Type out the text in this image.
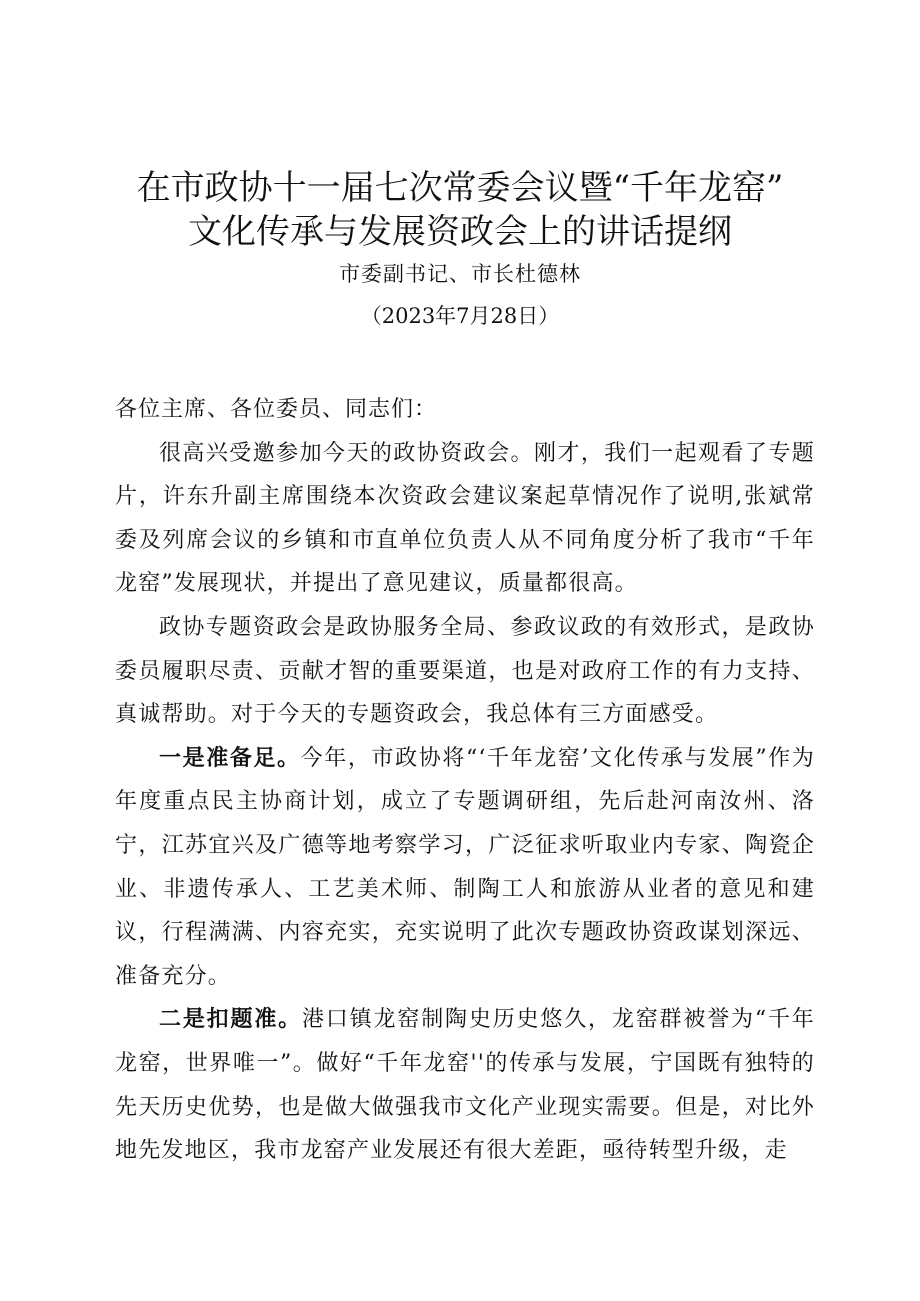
在市政协十一届七次常委会议暨“千年龙窑”
文化传承与发展资政会上的讲话提纲
市委副书记、市长杜德林
（2023年7月28日）

各位主席、各位委员、同志们：

很高兴受邀参加今天的政协资政会。刚才，我们一起观看了专题片，许东升副主席围绕本次资政会建议案起草情况作了说明,张斌常委及列席会议的乡镇和市直单位负责人从不同角度分析了我市“千年龙窑”发展现状，并提出了意见建议，质量都很高。

政协专题资政会是政协服务全局、参政议政的有效形式，是政协委员履职尽责、贡献才智的重要渠道，也是对政府工作的有力支持、真诚帮助。对于今天的专题资政会，我总体有三方面感受。

一是准备足。今年，市政协将“‘千年龙窑’文化传承与发展”作为年度重点民主协商计划，成立了专题调研组，先后赴河南汝州、洛宁，江苏宜兴及广德等地考察学习，广泛征求听取业内专家、陶瓷企业、非遗传承人、工艺美术师、制陶工人和旅游从业者的意见和建议，行程满满、内容充实，充实说明了此次专题政协资政谋划深远、准备充分。

二是扣题准。港口镇龙窑制陶史历史悠久，龙窑群被誉为“千年龙窑，世界唯一”。做好“千年龙窑''的传承与发展，宁国既有独特的先天历史优势，也是做大做强我市文化产业现实需要。但是，对比外地先发地区，我市龙窑产业发展还有很大差距，亟待转型升级，走
